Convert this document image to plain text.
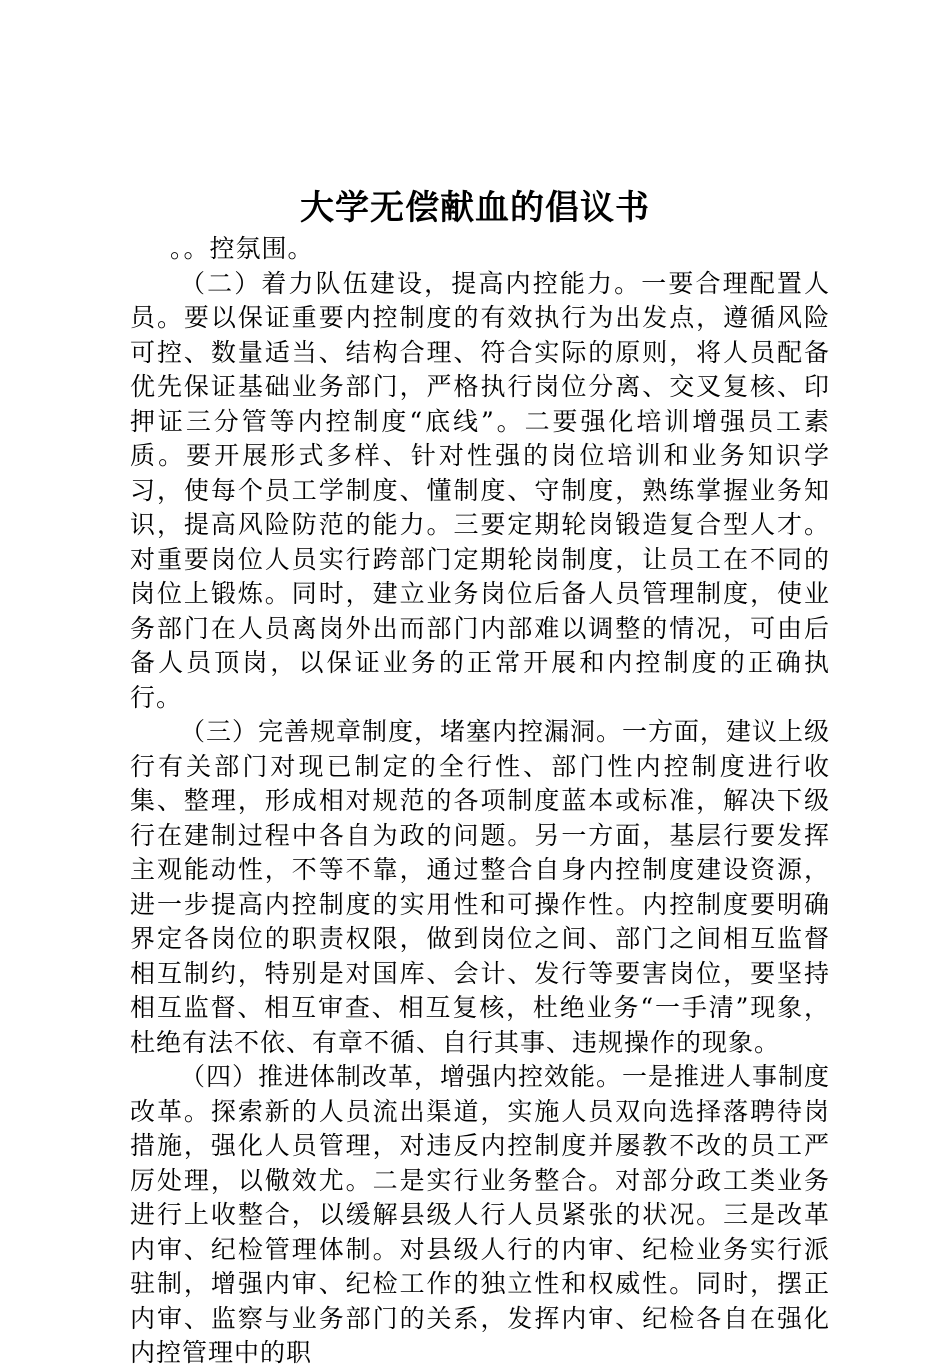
大学无偿献血的倡议书

。。控氛围。

（二）着力队伍建设，提高内控能力。一要合理配置人员。要以保证重要内控制度的有效执行为出发点，遵循风险可控、数量适当、结构合理、符合实际的原则，将人员配备优先保证基础业务部门，严格执行岗位分离、交叉复核、印押证三分管等内控制度“底线”。二要强化培训增强员工素质。要开展形式多样、针对性强的岗位培训和业务知识学习，使每个员工学制度、懂制度、守制度，熟练掌握业务知识，提高风险防范的能力。三要定期轮岗锻造复合型人才。对重要岗位人员实行跨部门定期轮岗制度，让员工在不同的岗位上锻炼。同时，建立业务岗位后备人员管理制度，使业务部门在人员离岗外出而部门内部难以调整的情况，可由后备人员顶岗，以保证业务的正常开展和内控制度的正确执行。

（三）完善规章制度，堵塞内控漏洞。一方面，建议上级行有关部门对现已制定的全行性、部门性内控制度进行收集、整理，形成相对规范的各项制度蓝本或标准，解决下级行在建制过程中各自为政的问题。另一方面，基层行要发挥主观能动性，不等不靠，通过整合自身内控制度建设资源，进一步提高内控制度的实用性和可操作性。内控制度要明确界定各岗位的职责权限，做到岗位之间、部门之间相互监督相互制约，特别是对国库、会计、发行等要害岗位，要坚持相互监督、相互审查、相互复核，杜绝业务“一手清”现象，杜绝有法不依、有章不循、自行其事、违规操作的现象。

（四）推进体制改革，增强内控效能。一是推进人事制度改革。探索新的人员流出渠道，实施人员双向选择落聘待岗措施，强化人员管理，对违反内控制度并屡教不改的员工严厉处理，以儆效尤。二是实行业务整合。对部分政工类业务进行上收整合，以缓解县级人行人员紧张的状况。三是改革内审、纪检管理体制。对县级人行的内审、纪检业务实行派驻制，增强内审、纪检工作的独立性和权威性。同时，摆正内审、监察与业务部门的关系，发挥内审、纪检各自在强化内控管理中的职
